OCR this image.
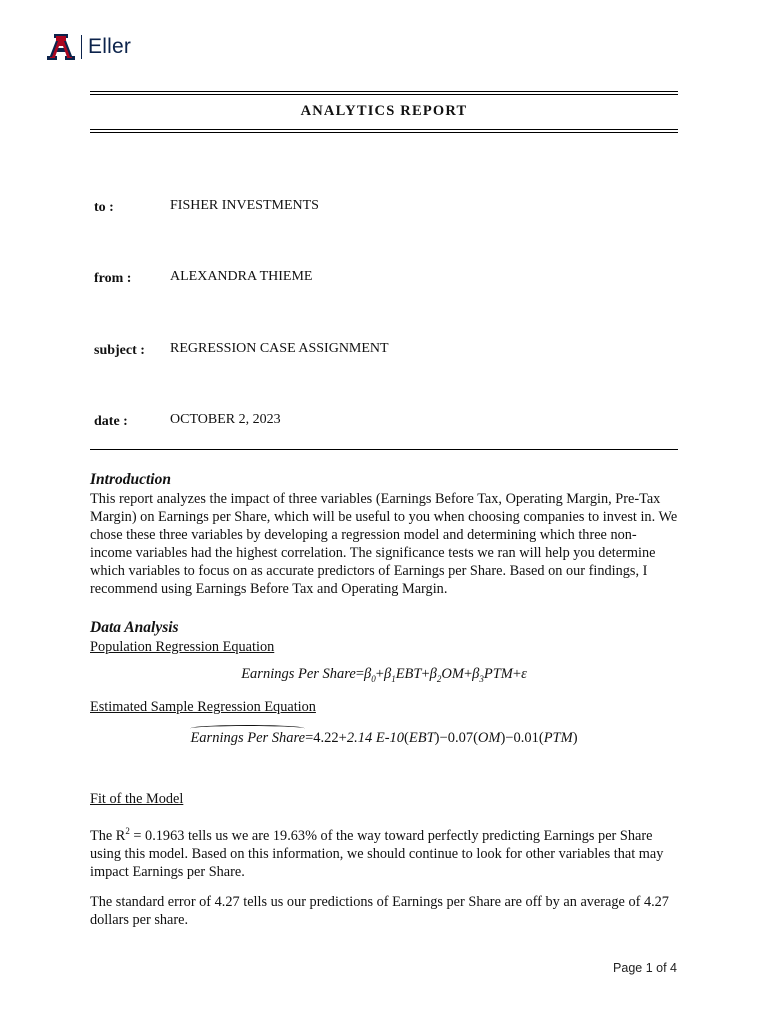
Eller
ANALYTICS REPORT
to :	FISHER INVESTMENTS
from :	ALEXANDRA THIEME
subject : REGRESSION CASE ASSIGNMENT
date :	OCTOBER 2, 2023
Introduction

This report analyzes the impact of three variables (Earnings Before Tax, Operating Margin, Pre-Tax Margin) on Earnings per Share, which will be useful to you when choosing companies to invest in. We chose these three variables by developing a regression model and determining which three non-income variables had the highest correlation. The significance tests we ran will help you determine which variables to focus on as accurate predictors of Earnings per Share. Based on our findings, I recommend using Earnings Before Tax and Operating Margin.

Data Analysis

Population Regression Equation

Earnings Per $Share=\beta_0+\beta_1EBT+\beta_2OM+\beta_3PTM+\varepsilon$

Estimated Sample Regression Equation

Earnings Per Share=4.22+2.14 E-10(EBT)−0.07(OM)−0.01(PTM)

Fit of the Model

The $R^2 = 0.1963$ tells us we are 19.63% of the way toward perfectly predicting Earnings per Share using this model. Based on this information, we should continue to look for other variables that may impact Earnings per Share.

The standard error of 4.27 tells us our predictions of Earnings per Share are off by an average of 4.27 dollars per share.

Page 1 of 4
